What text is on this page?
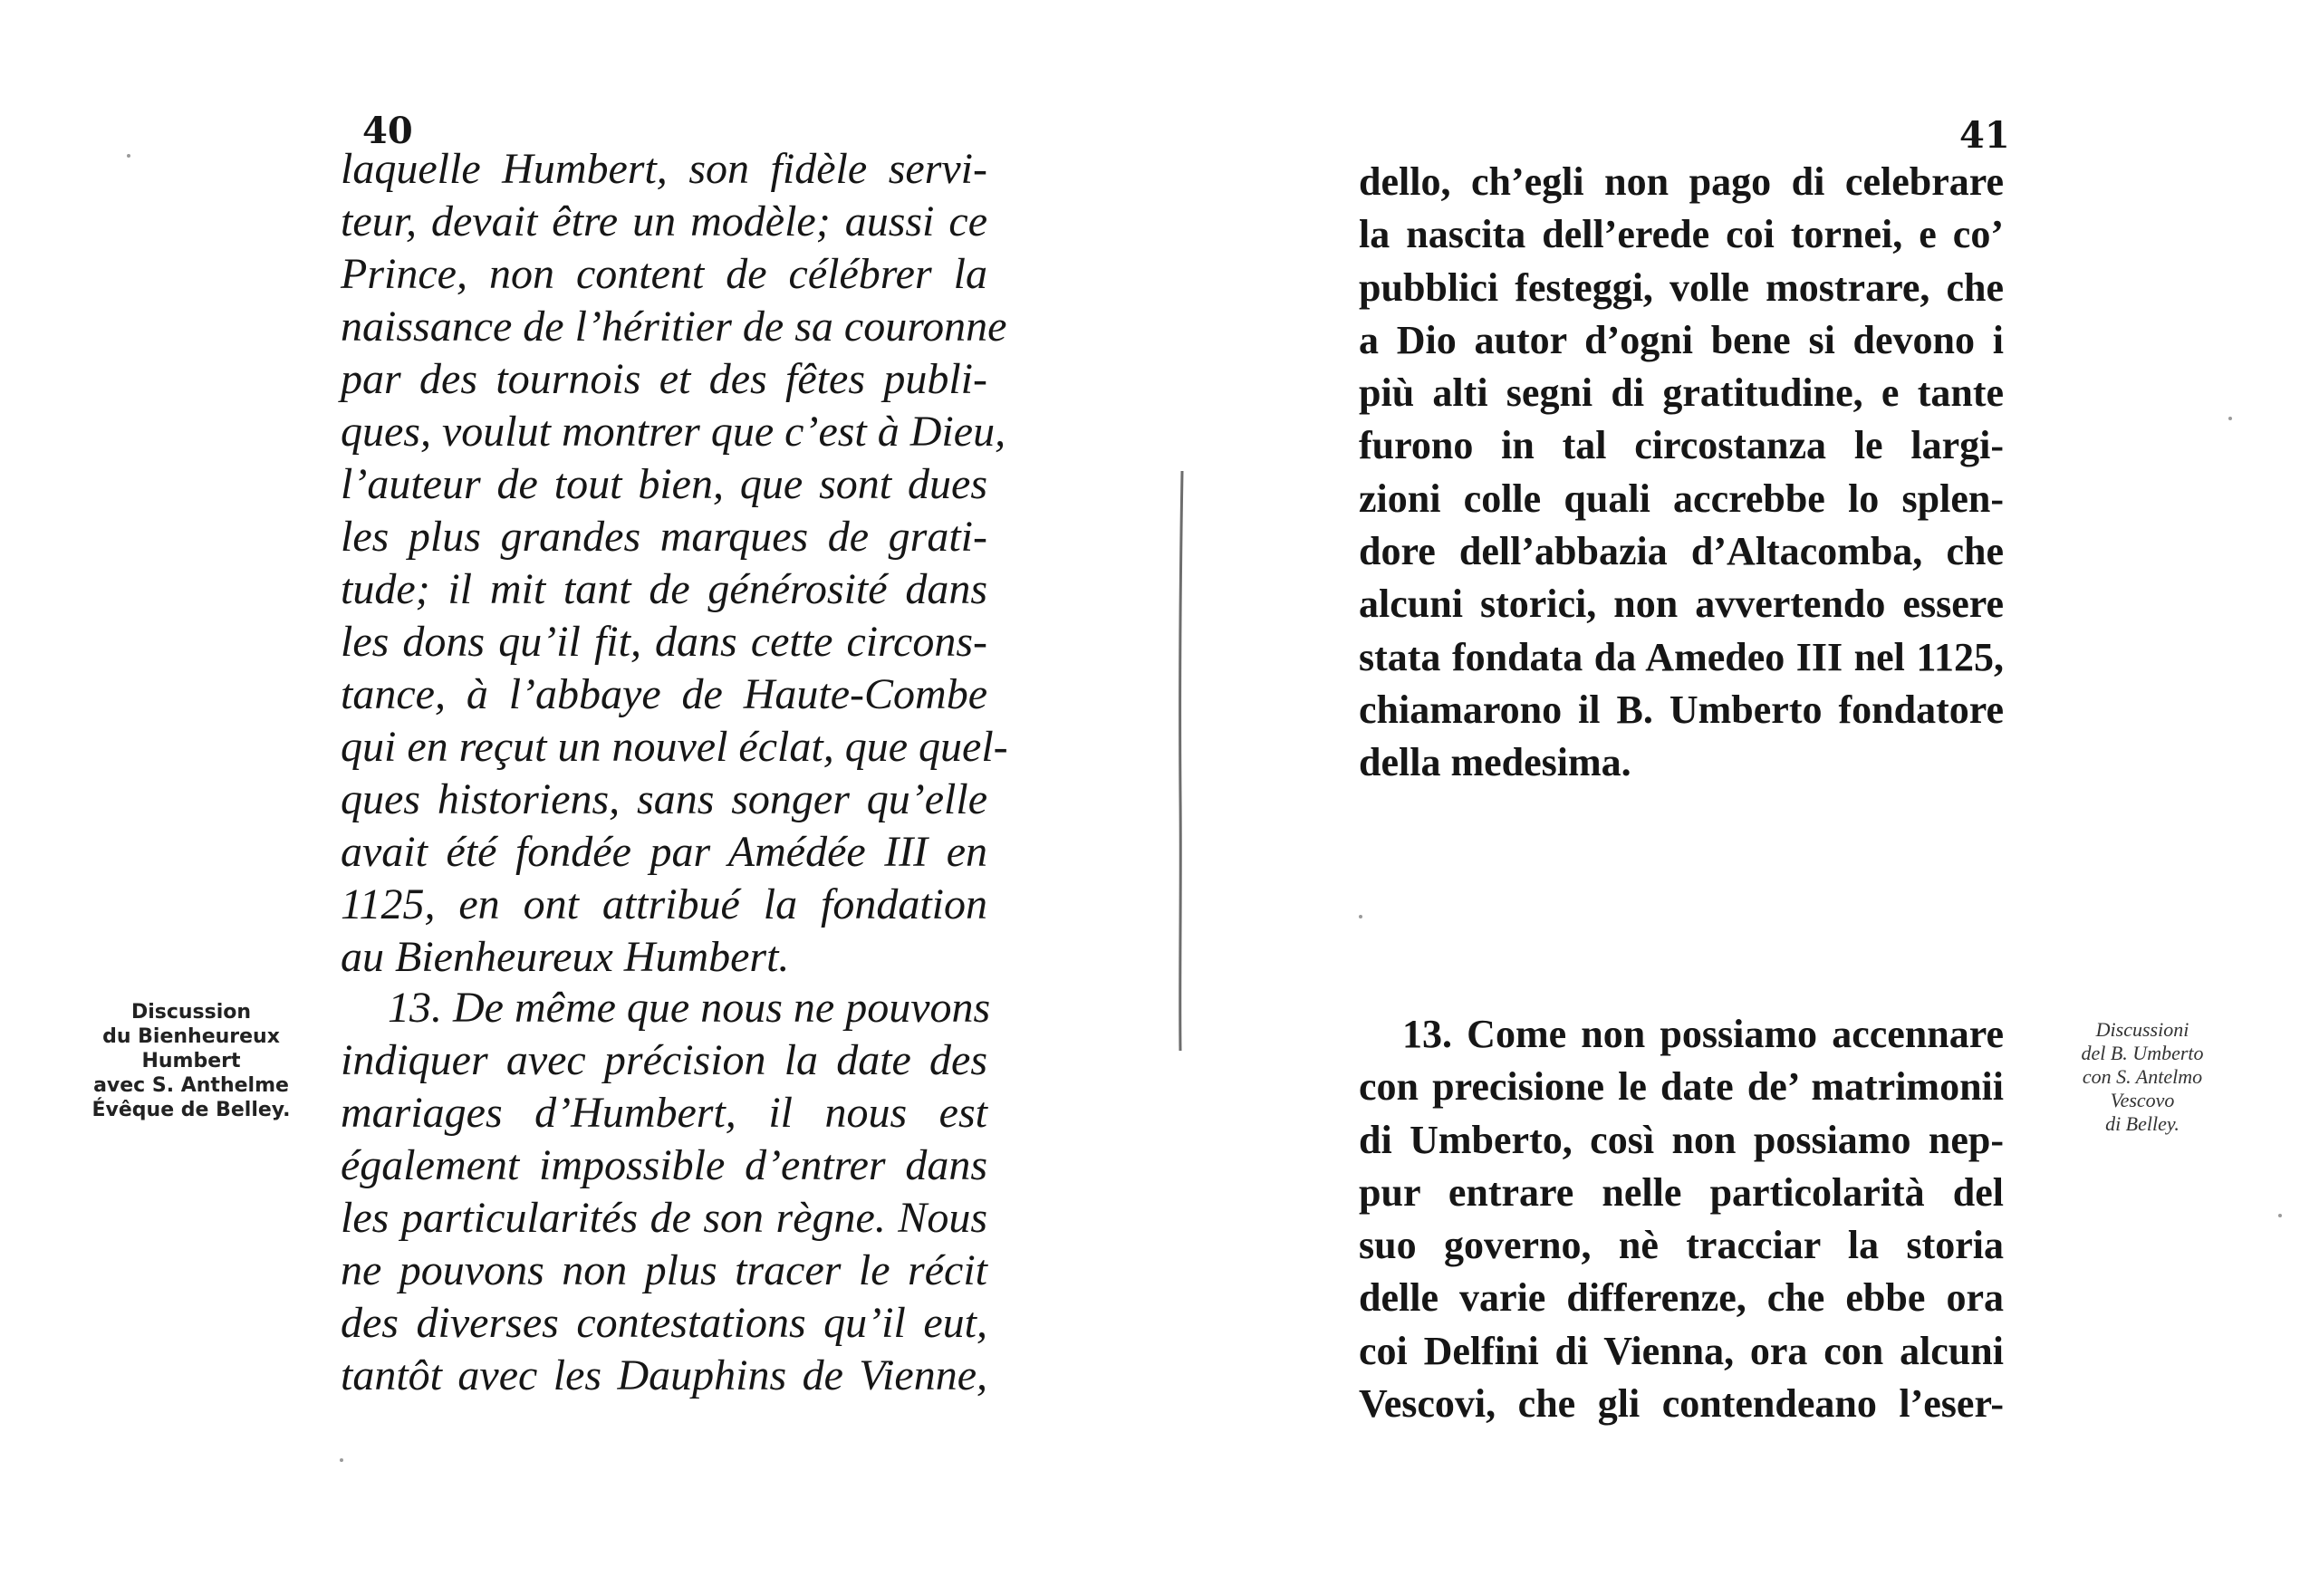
40
laquelle Humbert, son fidèle servi-
teur, devait être un modèle; aussi ce
Prince, non content de célébrer la
naissance de l’héritier de sa couronne
par des tournois et des fêtes publi-
ques, voulut montrer que c’est à Dieu,
l’auteur de tout bien, que sont dues
les plus grandes marques de grati-
tude; il mit tant de générosité dans
les dons qu’il fit, dans cette circons-
tance, à l’abbaye de Haute-Combe
qui en reçut un nouvel éclat, que quel-
ques historiens, sans songer qu’elle
avait été fondée par Amédée III en
1125, en ont attribué la fondation
au Bienheureux Humbert.
13. De même que nous ne pouvons
indiquer avec précision la date des
mariages d’Humbert, il nous est
également impossible d’entrer dans
les particularités de son règne. Nous
ne pouvons non plus tracer le récit
des diverses contestations qu’il eut,
tantôt avec les Dauphins de Vienne,
Discussion
du Bienheureux
Humbert
avec S. Anthelme
Évêque de Belley.
41
dello, ch’egli non pago di celebrare
la nascita dell’erede coi tornei, e co’
pubblici festeggi, volle mostrare, che
a Dio autor d’ogni bene si devono i
più alti segni di gratitudine, e tante
furono in tal circostanza le largi-
zioni colle quali accrebbe lo splen-
dore dell’abbazia d’Altacomba, che
alcuni storici, non avvertendo essere
stata fondata da Amedeo III nel 1125,
chiamarono il B. Umberto fondatore
della medesima.
13. Come non possiamo accennare
con precisione le date de’ matrimonii
di Umberto, così non possiamo nep-
pur entrare nelle particolarità del
suo governo, nè tracciar la storia
delle varie differenze, che ebbe ora
coi Delfini di Vienna, ora con alcuni
Vescovi, che gli contendeano l’eser-
Discussioni
del B. Umberto
con S. Antelmo
Vescovo
di Belley.
